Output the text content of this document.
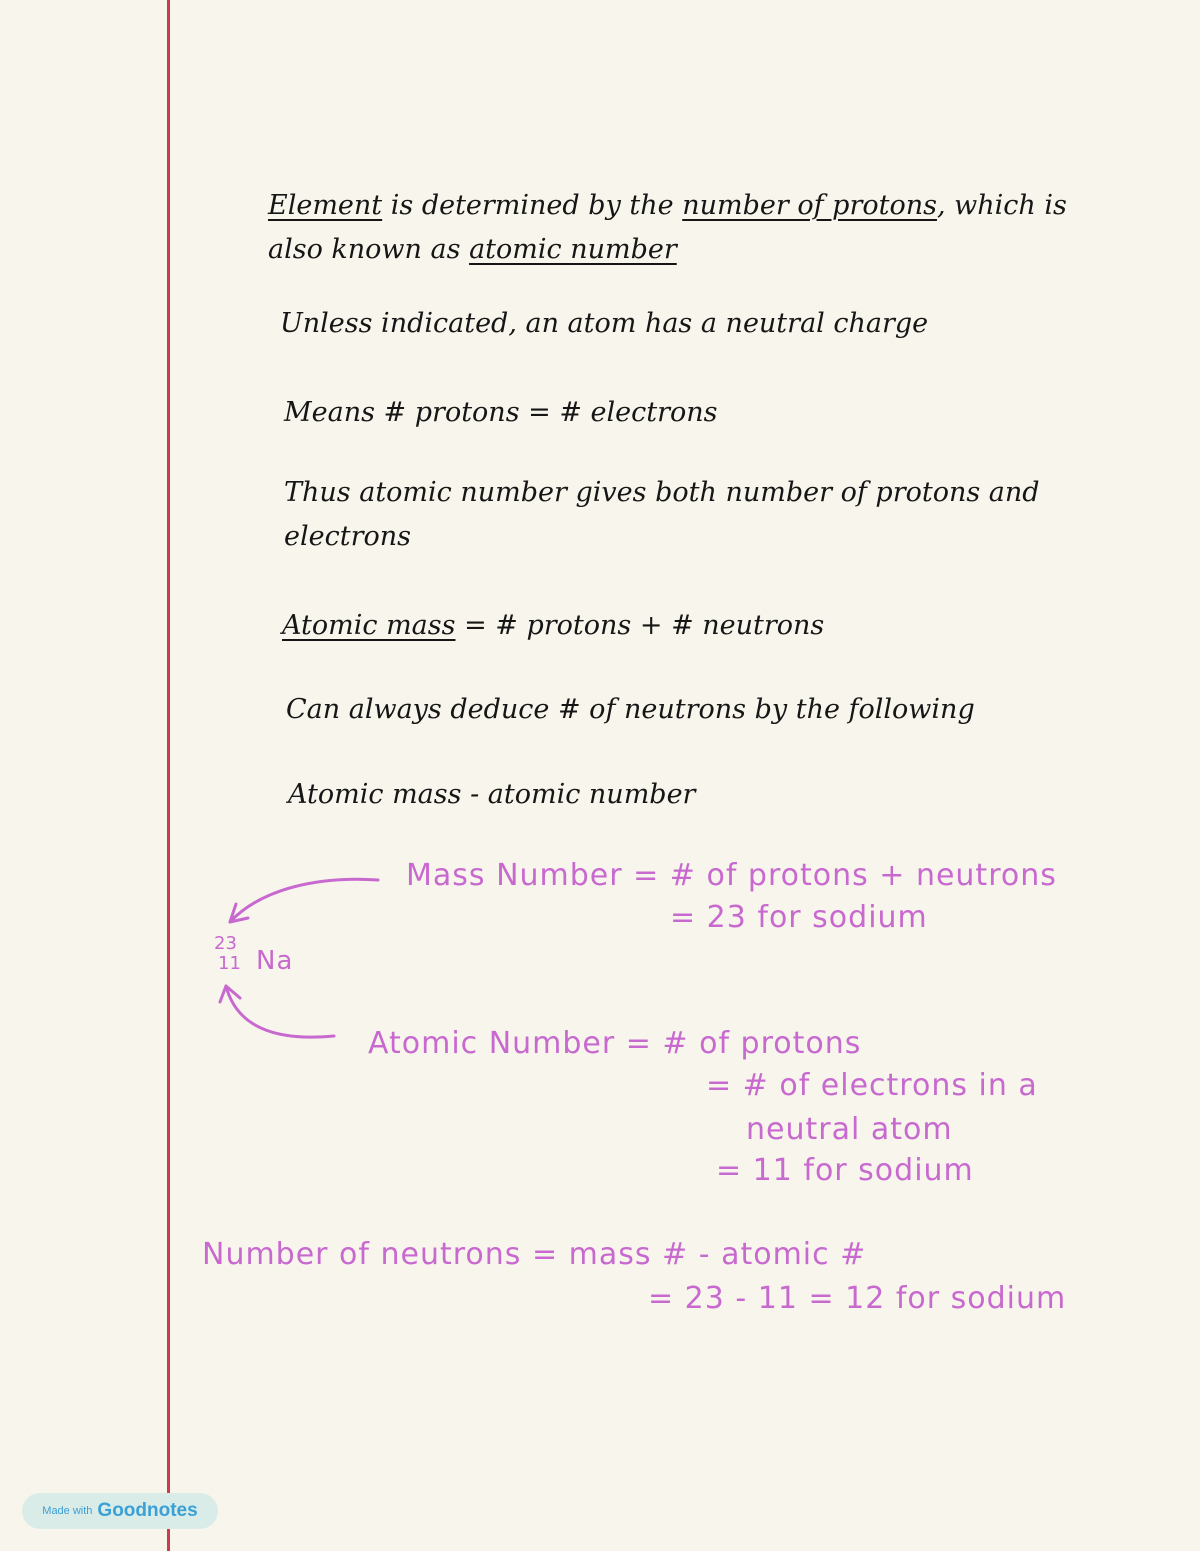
Element is determined by the number of protons, which is
also known as atomic number
Unless indicated, an atom has a neutral charge
Means # protons = # electrons
Thus atomic number gives both number of protons and
electrons
Atomic mass = # protons + # neutrons
Can always deduce # of neutrons by the following
Atomic mass - atomic number
Mass Number = # of protons + neutrons
= 23 for sodium
23
11 Na
Atomic Number = # of protons
= # of electrons in a
neutral atom
= 11 for sodium
Number of neutrons = mass # - atomic #
= 23 - 11 = 12 for sodium
Made with Goodnotes
